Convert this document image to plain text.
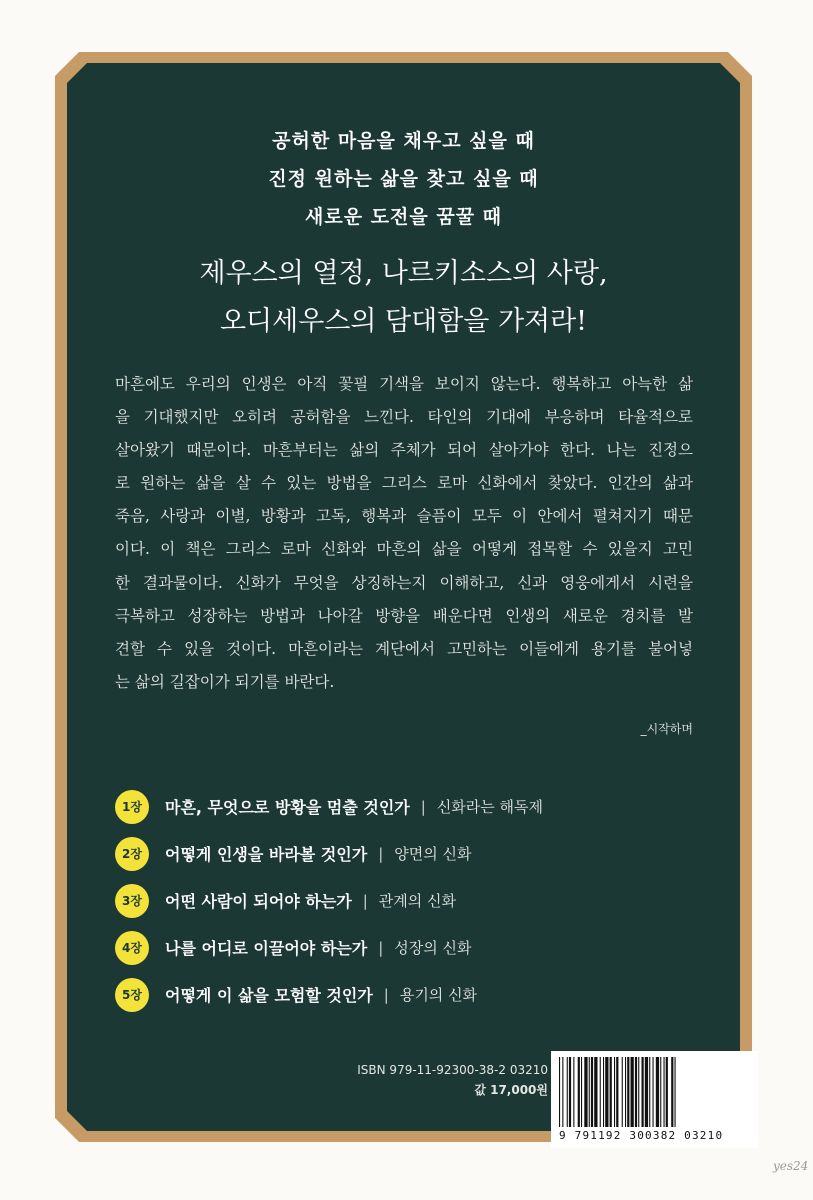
공허한 마음을 채우고 싶을 때
진정 원하는 삶을 찾고 싶을 때
새로운 도전을 꿈꿀 때
제우스의 열정, 나르키소스의 사랑,
오디세우스의 담대함을 가져라!
마흔에도 우리의 인생은 아직 꽃필 기색을 보이지 않는다. 행복하고 아늑한 삶
을 기대했지만 오히려 공허함을 느낀다. 타인의 기대에 부응하며 타율적으로
살아왔기 때문이다. 마흔부터는 삶의 주체가 되어 살아가야 한다. 나는 진정으
로 원하는 삶을 살 수 있는 방법을 그리스 로마 신화에서 찾았다. 인간의 삶과
죽음, 사랑과 이별, 방황과 고독, 행복과 슬픔이 모두 이 안에서 펼쳐지기 때문
이다. 이 책은 그리스 로마 신화와 마흔의 삶을 어떻게 접목할 수 있을지 고민
한 결과물이다. 신화가 무엇을 상징하는지 이해하고, 신과 영웅에게서 시련을
극복하고 성장하는 방법과 나아갈 방향을 배운다면 인생의 새로운 경치를 발
견할 수 있을 것이다. 마흔이라는 계단에서 고민하는 이들에게 용기를 불어넣
는 삶의 길잡이가 되기를 바란다.
_시작하며
1장	마흔, 무엇으로 방황을 멈출 것인가 | 신화라는 해독제
2장	어떻게 인생을 바라볼 것인가 | 양면의 신화
3장	어떤 사람이 되어야 하는가 | 관계의 신화
4장	나를 어디로 이끌어야 하는가 | 성장의 신화
5장	어떻게 이 삶을 모험할 것인가 | 용기의 신화
ISBN 979-11-92300-38-2 03210
값 17,000원
9 791192 300382 03210
yes24
